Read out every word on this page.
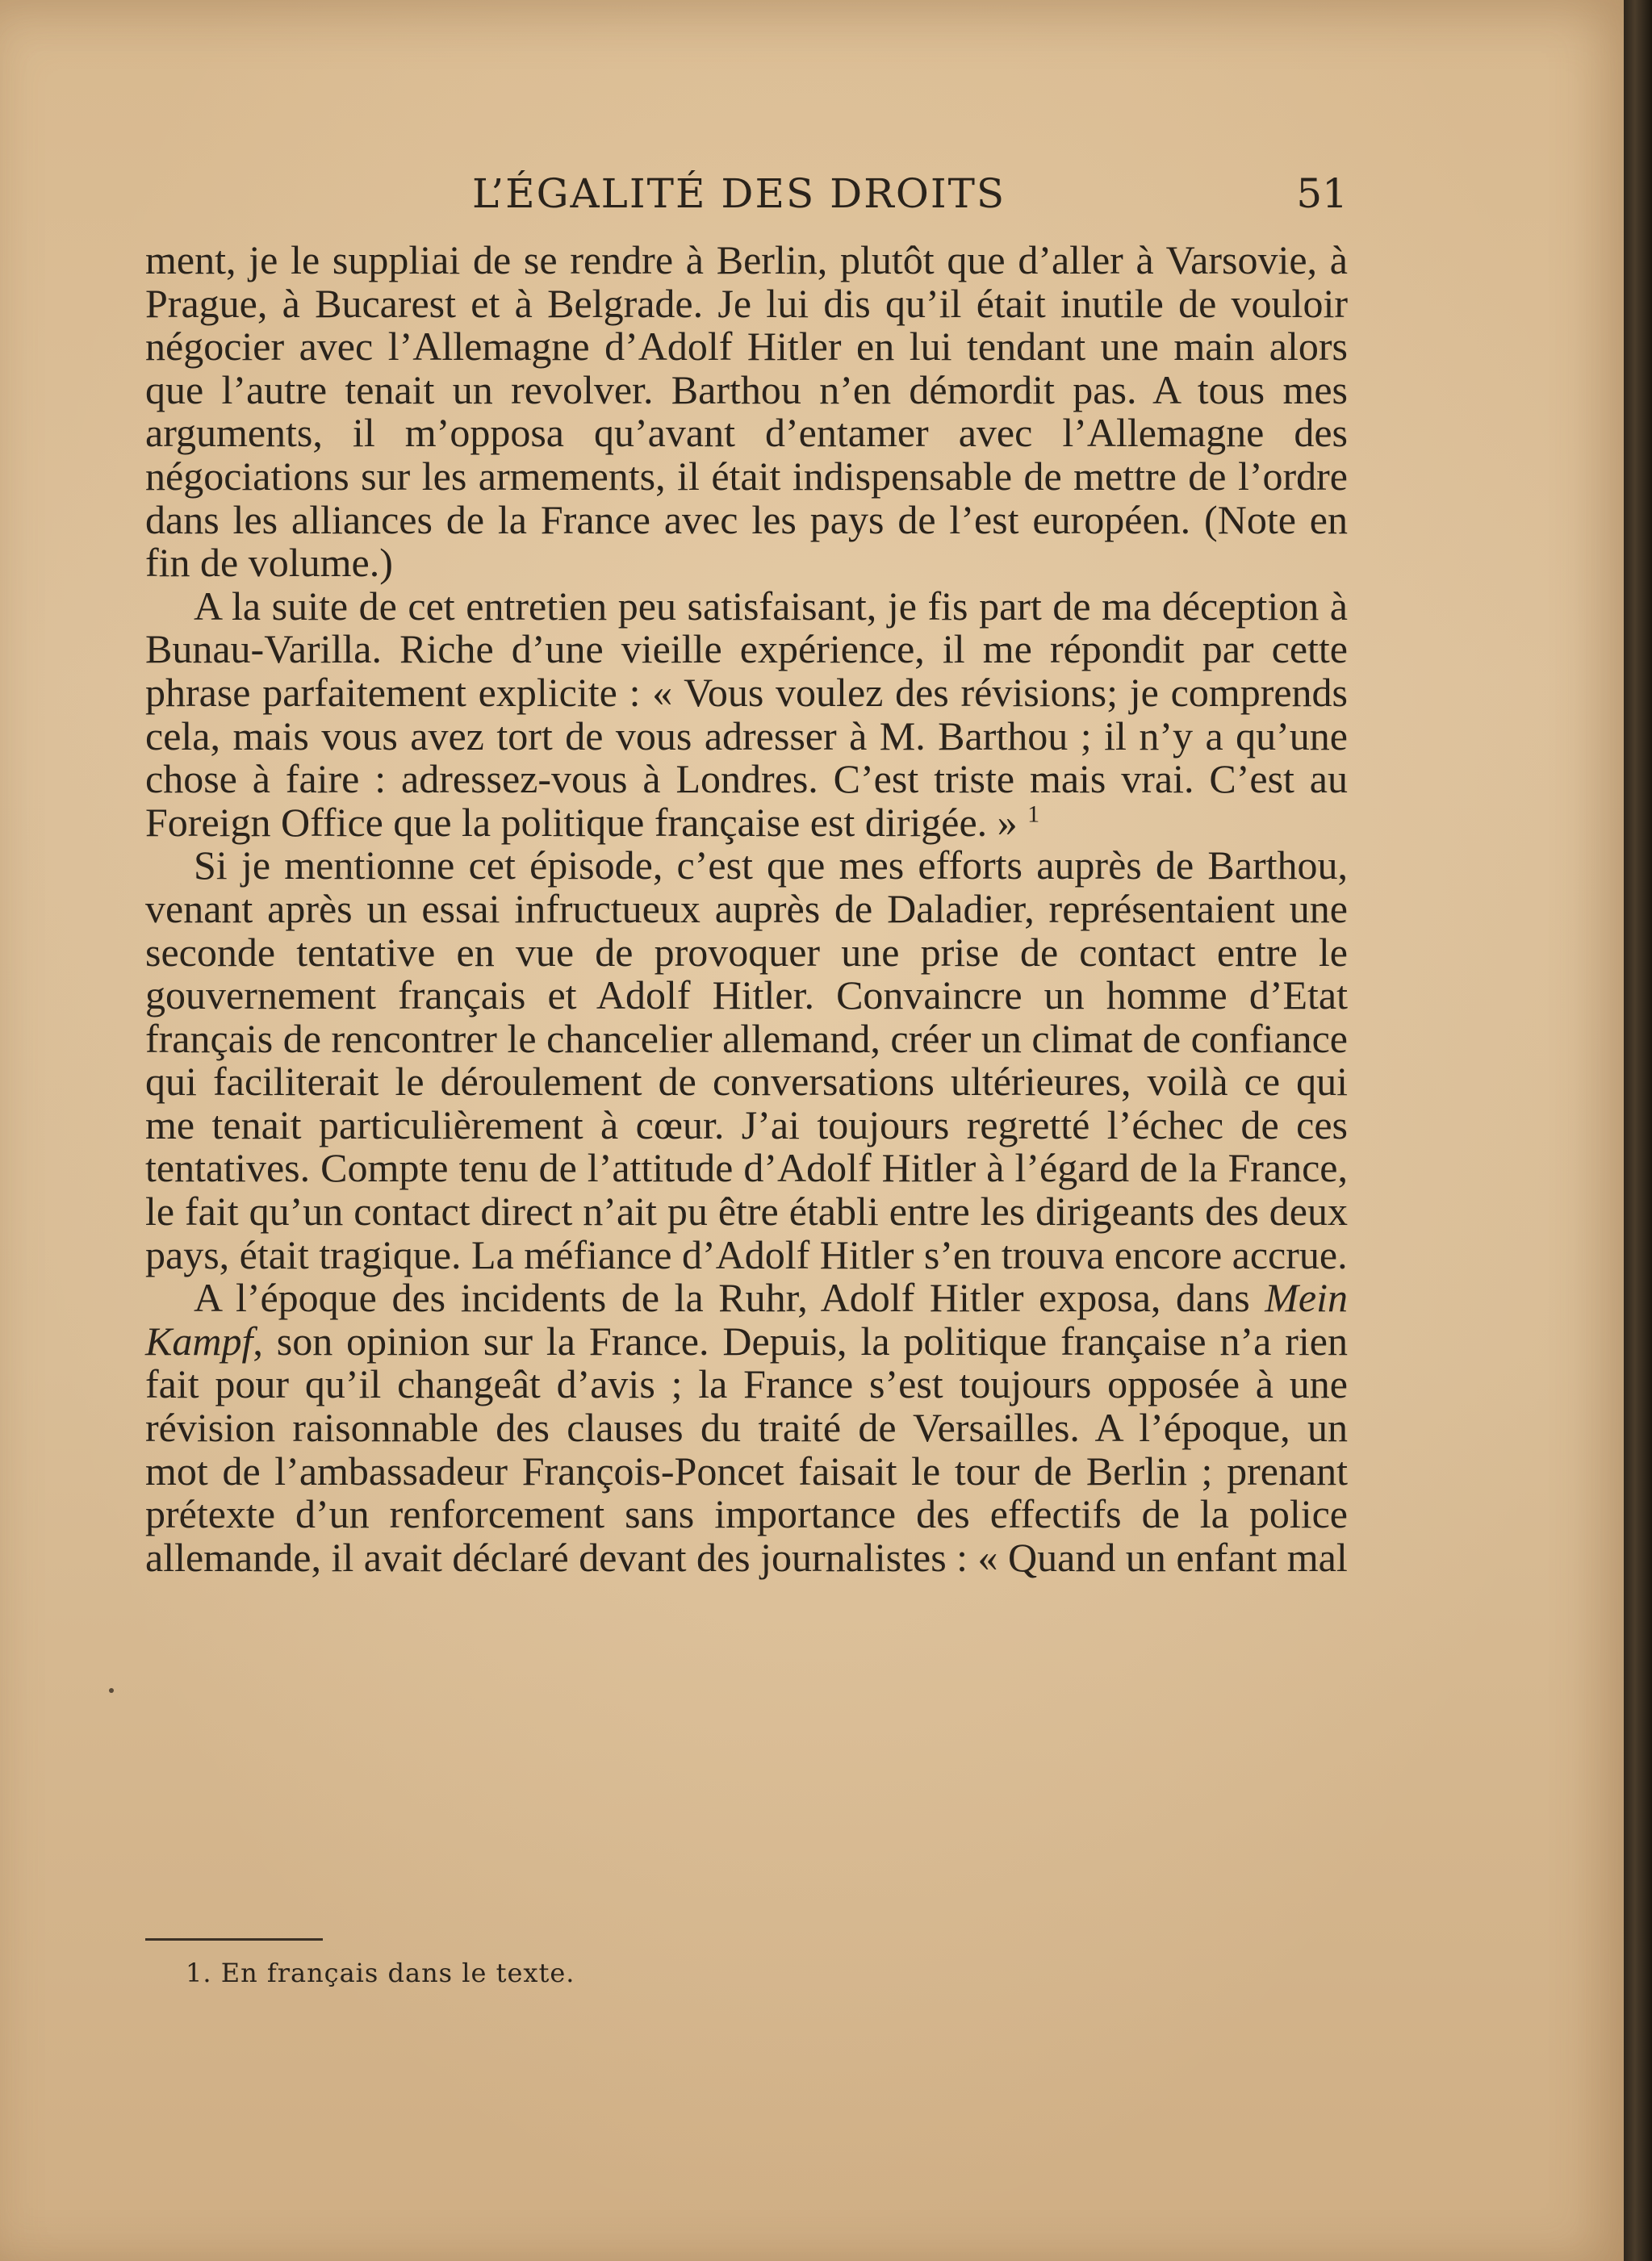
L’ÉGALITÉ DES DROITS	51

ment, je le suppliai de se rendre à Berlin, plutôt que d’aller à Varsovie, à Prague, à Bucarest et à Belgrade. Je lui dis qu’il était inutile de vouloir négocier avec l’Allemagne d’Adolf Hitler en lui tendant une main alors que l’autre tenait un revolver. Barthou n’en démordit pas. A tous mes arguments, il m’opposa qu’avant d’entamer avec l’Allemagne des négociations sur les armements, il était indispensable de mettre de l’ordre dans les alliances de la France avec les pays de l’est européen. (Note en fin de volume.)

A la suite de cet entretien peu satisfaisant, je fis part de ma déception à Bunau-Varilla. Riche d’une vieille expérience, il me répondit par cette phrase parfaitement explicite : « Vous voulez des révisions; je comprends cela, mais vous avez tort de vous adresser à M. Barthou ; il n’y a qu’une chose à faire : adressez-vous à Londres. C’est triste mais vrai. C’est au Foreign Office que la politique française est dirigée. » $^1$

Si je mentionne cet épisode, c’est que mes efforts auprès de Barthou, venant après un essai infructueux auprès de Daladier, représentaient une seconde tentative en vue de provoquer une prise de contact entre le gouvernement français et Adolf Hitler. Convaincre un homme d’Etat français de rencontrer le chancelier allemand, créer un climat de confiance qui faciliterait le déroulement de conversations ultérieures, voilà ce qui me tenait particulièrement à cœur. J’ai toujours regretté l’échec de ces tentatives. Compte tenu de l’attitude d’Adolf Hitler à l’égard de la France, le fait qu’un contact direct n’ait pu être établi entre les dirigeants des deux pays, était tragique. La méfiance d’Adolf Hitler s’en trouva encore accrue.

A l’époque des incidents de la Ruhr, Adolf Hitler exposa, dans Mein Kampf, son opinion sur la France. Depuis, la politique française n’a rien fait pour qu’il changeât d’avis ; la France s’est toujours opposée à une révision raisonnable des clauses du traité de Versailles. A l’époque, un mot de l’ambassadeur François-Poncet faisait le tour de Berlin ; prenant prétexte d’un renforcement sans importance des effectifs de la police allemande, il avait déclaré devant des journalistes : « Quand un enfant mal

1. En français dans le texte.
